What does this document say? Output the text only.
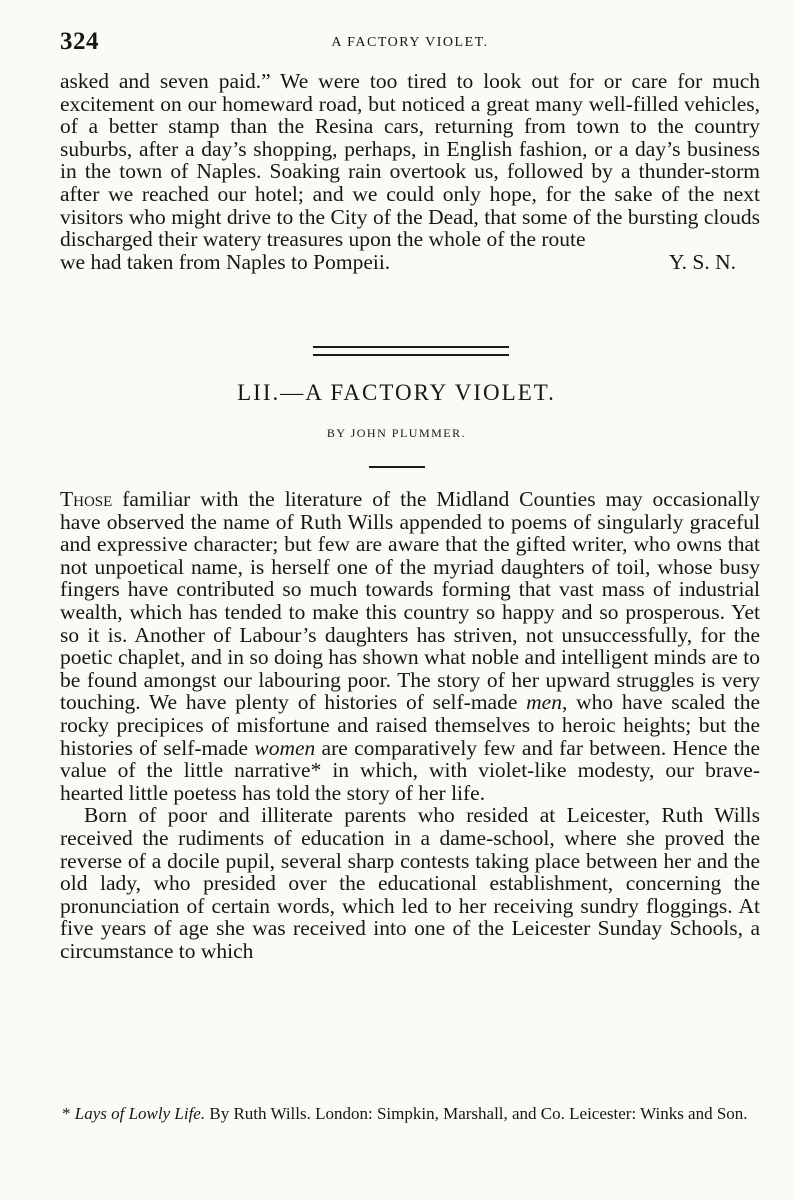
324	A FACTORY VIOLET.

asked and seven paid.” We were too tired to look out for or care for much excitement on our homeward road, but noticed a great many well-filled vehicles, of a better stamp than the Resina cars, returning from town to the country suburbs, after a day’s shopping, perhaps, in English fashion, or a day’s business in the town of Naples. Soaking rain overtook us, followed by a thunder-storm after we reached our hotel; and we could only hope, for the sake of the next visitors who might drive to the City of the Dead, that some of the bursting clouds discharged their watery treasures upon the whole of the route

we had taken from Naples to Pompeii.	Y. S. N.
LII.—A FACTORY VIOLET.
BY JOHN PLUMMER.

Those familiar with the literature of the Midland Counties may occasionally have observed the name of Ruth Wills appended to poems of singularly graceful and expressive character; but few are aware that the gifted writer, who owns that not unpoetical name, is herself one of the myriad daughters of toil, whose busy fingers have contributed so much towards forming that vast mass of industrial wealth, which has tended to make this country so happy and so prosperous. Yet so it is. Another of Labour’s daughters has striven, not unsuccessfully, for the poetic chaplet, and in so doing has shown what noble and intelligent minds are to be found amongst our labouring poor. The story of her upward struggles is very touching. We have plenty of histories of self-made men, who have scaled the rocky precipices of misfortune and raised themselves to heroic heights; but the histories of self-made women are comparatively few and far between. Hence the value of the little narrative* in which, with violet-like modesty, our brave-hearted little poetess has told the story of her life.

Born of poor and illiterate parents who resided at Leicester, Ruth Wills received the rudiments of education in a dame-school, where she proved the reverse of a docile pupil, several sharp contests taking place between her and the old lady, who presided over the educational establishment, concerning the pronunciation of certain words, which led to her receiving sundry floggings. At five years of age she was received into one of the Leicester Sunday Schools, a circumstance to which

* Lays of Lowly Life. By Ruth Wills. London: Simpkin, Marshall, and Co. Leicester: Winks and Son.
